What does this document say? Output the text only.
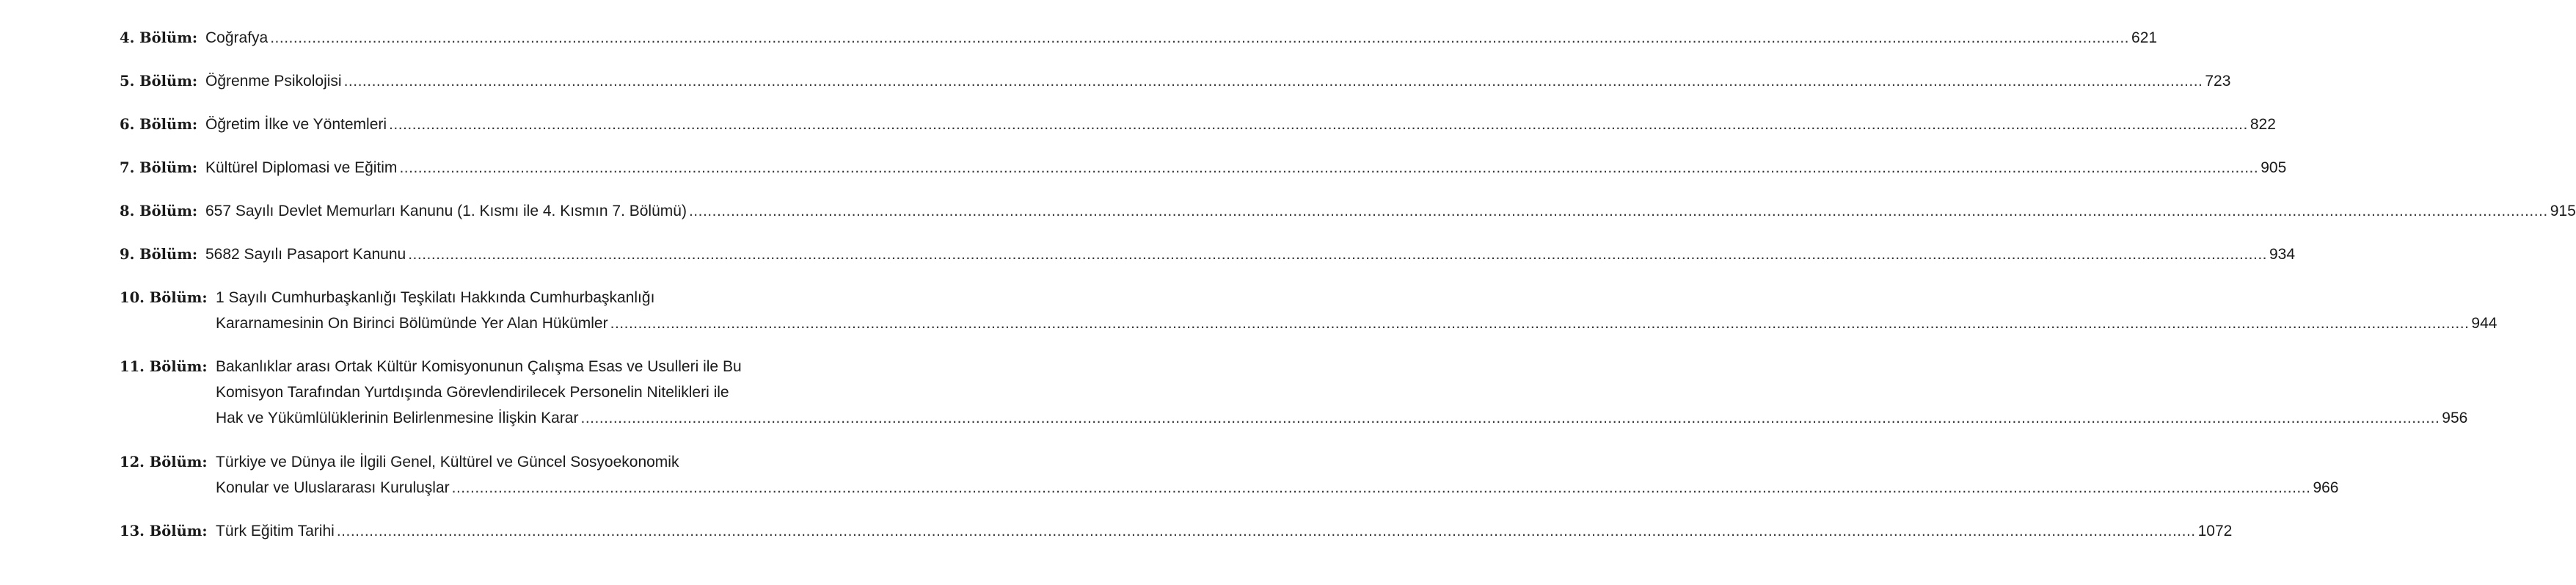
4. Bölüm: Coğrafya ................................................................................................................................................................................................................................................................................................................................................................................................................ 621
5. Bölüm: Öğrenme Psikolojisi ................................................................................................................................................................................................................................................................................................................................................................................................................ 723
6. Bölüm: Öğretim İlke ve Yöntemleri ................................................................................................................................................................................................................................................................................................................................................................................................................ 822
7. Bölüm: Kültürel Diplomasi ve Eğitim ................................................................................................................................................................................................................................................................................................................................................................................................................ 905
8. Bölüm: 657 Sayılı Devlet Memurları Kanunu (1. Kısmı ile 4. Kısmın 7. Bölümü) ................................................................................................................................................................................................................................................................................................................................................................................................................ 915
9. Bölüm: 5682 Sayılı Pasaport Kanunu ................................................................................................................................................................................................................................................................................................................................................................................................................ 934
10. Bölüm: 1 Sayılı Cumhurbaşkanlığı Teşkilatı Hakkında Cumhurbaşkanlığı
Kararnamesinin On Birinci Bölümünde Yer Alan Hükümler ................................................................................................................................................................................................................................................................................................................................................................................................................ 944
11. Bölüm: Bakanlıklar arası Ortak Kültür Komisyonunun Çalışma Esas ve Usulleri ile Bu
Komisyon Tarafından Yurtdışında Görevlendirilecek Personelin Nitelikleri ile
Hak ve Yükümlülüklerinin Belirlenmesine İlişkin Karar ................................................................................................................................................................................................................................................................................................................................................................................................................ 956
12. Bölüm: Türkiye ve Dünya ile İlgili Genel, Kültürel ve Güncel Sosyoekonomik
Konular ve Uluslararası Kuruluşlar ................................................................................................................................................................................................................................................................................................................................................................................................................ 966
13. Bölüm: Türk Eğitim Tarihi ................................................................................................................................................................................................................................................................................................................................................................................................................ 1072
